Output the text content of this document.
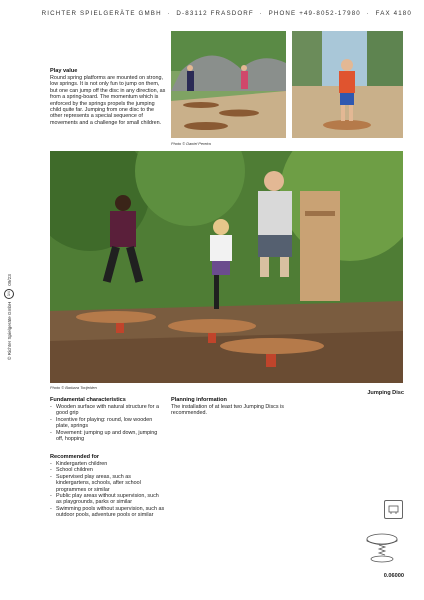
RICHTER SPIELGERÄTE GMBH · D-83112 FRASDORF · PHONE +49-8052-17980 · FAX 4180
© Richter Spielgeräte GmbH
3/4
09/23
Play value
Round spring platforms are mounted on strong, low springs. It is not only fun to jump on them, but one can jump off the disc in any direction, as from a spring-board. The momentum which is enforced by the springs propels the jumping child quite far. Jumping from one disc to the other represents a special sequence of movements and a challenge for small children.
Photo © Daniel Pereira
Photo © Barbara Torijeblen
Jumping Disc
Fundamental characteristics
- Wooden surface with natural structure for a good grip
- Incentive for playing: round, low wooden plate, springs
- Movement: jumping up and down, jumping off, hopping
Planning information
The installation of at least two Jumping Discs is recommended.
Recommended for
- Kindergarten children
- School children
- Supervised play areas, such as kindergartens, schools, after school programmes or similar
- Public play areas without supervision, such as playgrounds, parks or similar
- Swimming pools without supervision, such as outdoor pools, adventure pools or similar
0.06000
